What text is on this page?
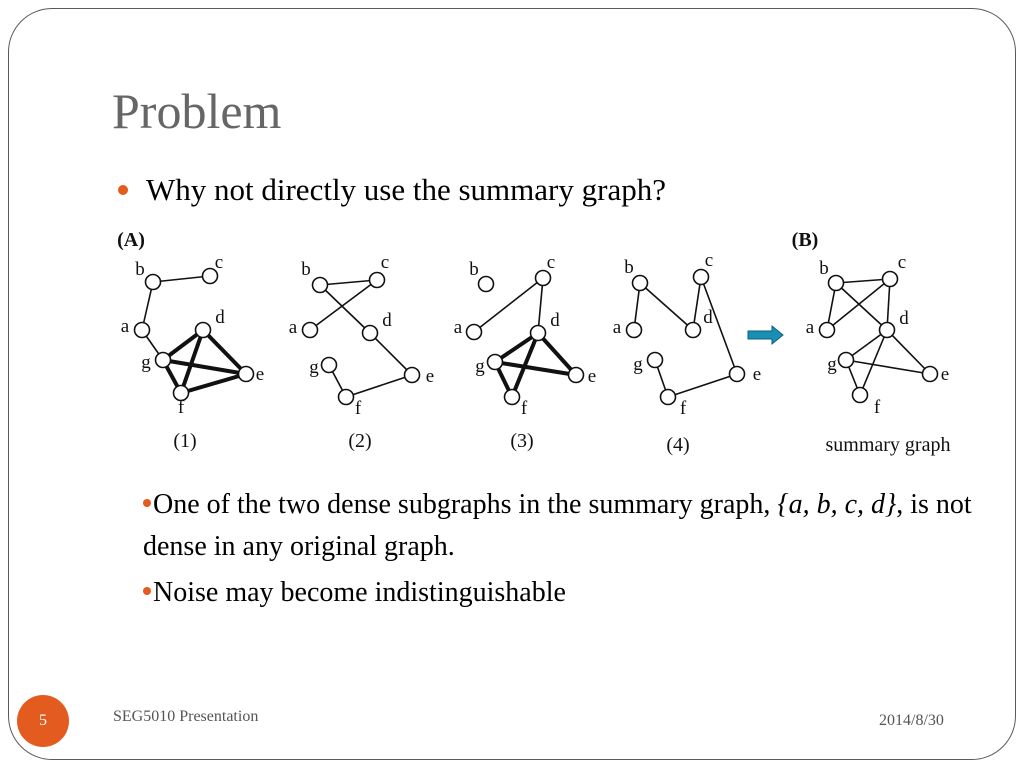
Problem
Why not directly use the summary graph?
(A)	(B)
a
b	c
d
e
f
g
(1)
a
b	c
d
e
f
g
(2)
a
b	c
d
e
f
g
(3)
a
b	c
d
e
f
g
(4)
a
b	c
d
e
f
g
summary graph
One of the two dense subgraphs in the summary graph, {a, b, c, d}, is not dense in any original graph.
Noise may become indistinguishable
5	SEG5010 Presentation	2014/8/30
